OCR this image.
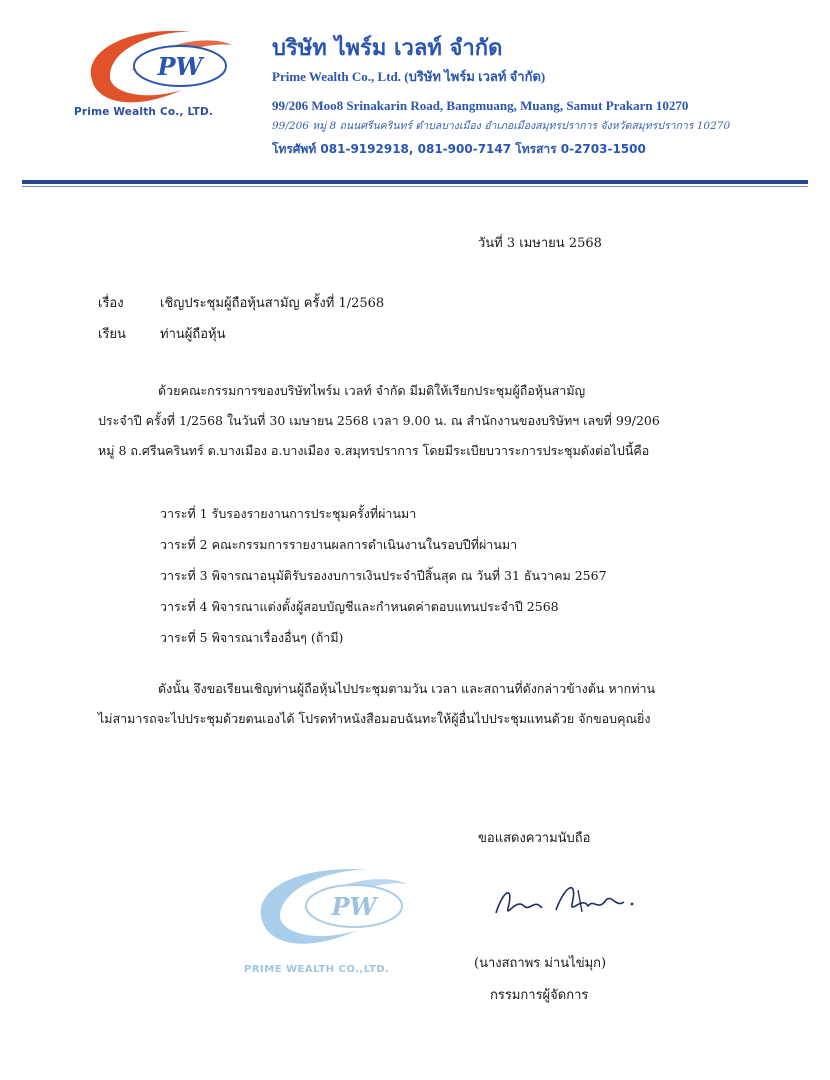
PW
Prime Wealth Co., LTD.
บริษัท ไพร์ม เวลท์ จำกัด
Prime Wealth Co., Ltd. (บริษัท ไพร์ม เวลท์ จำกัด)
99/206 Moo8 Srinakarin Road, Bangmuang, Muang, Samut Prakarn 10270
99/206 หมู่ 8 ถนนศรีนครินทร์ ตำบลบางเมือง อำเภอเมืองสมุทรปราการ จังหวัดสมุทรปราการ 10270
โทรศัพท์ 081-9192918, 081-900-7147 โทรสาร 0-2703-1500
วันที่ 3 เมษายน 2568
เรื่อง	เชิญประชุมผู้ถือหุ้นสามัญ ครั้งที่ 1/2568
เรียน	ท่านผู้ถือหุ้น
ด้วยคณะกรรมการของบริษัทไพร์ม เวลท์ จำกัด มีมติให้เรียกประชุมผู้ถือหุ้นสามัญ
ประจำปี ครั้งที่ 1/2568 ในวันที่ 30 เมษายน 2568 เวลา 9.00 น. ณ สำนักงานของบริษัทฯ เลขที่ 99/206
หมู่ 8 ถ.ศรีนครินทร์ ต.บางเมือง อ.บางเมือง จ.สมุทรปราการ โดยมีระเบียบวาระการประชุมดังต่อไปนี้คือ
วาระที่ 1 รับรองรายงานการประชุมครั้งที่ผ่านมา
วาระที่ 2 คณะกรรมการรายงานผลการดำเนินงานในรอบปีที่ผ่านมา
วาระที่ 3 พิจารณาอนุมัติรับรองงบการเงินประจำปีสิ้นสุด ณ วันที่ 31 ธันวาคม 2567
วาระที่ 4 พิจารณาแต่งตั้งผู้สอบบัญชีและกำหนดค่าตอบแทนประจำปี 2568
วาระที่ 5 พิจารณาเรื่องอื่นๆ (ถ้ามี)
ดังนั้น จึงขอเรียนเชิญท่านผู้ถือหุ้นไปประชุมตามวัน เวลา และสถานที่ดังกล่าวข้างต้น หากท่าน
ไม่สามารถจะไปประชุมด้วยตนเองได้ โปรดทำหนังสือมอบฉันทะให้ผู้อื่นไปประชุมแทนด้วย จักขอบคุณยิ่ง
ขอแสดงความนับถือ
PW
PRIME WEALTH CO.,LTD.	(นางสถาพร ม่านไข่มุก)
กรรมการผู้จัดการ
